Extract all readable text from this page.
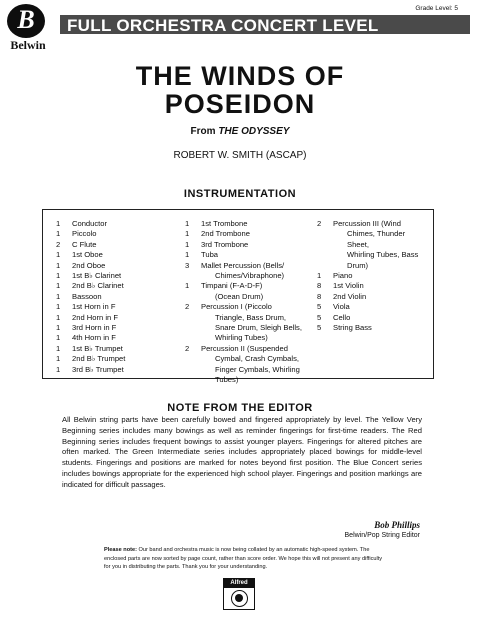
B
Belwin
FULL ORCHESTRA CONCERT LEVEL
Grade Level: 5
THE WINDS OF
POSEIDON
From THE ODYSSEY
ROBERT W. SMITH (ASCAP)
INSTRUMENTATION
1	Conductor
1	Piccolo
2	C Flute
1	1st Oboe
1	2nd Oboe
1	1st B♭ Clarinet
1	2nd B♭ Clarinet
1	Bassoon
1	1st Horn in F
1	2nd Horn in F
1	3rd Horn in F
1	4th Horn in F
1	1st B♭ Trumpet
1	2nd B♭ Trumpet
1	3rd B♭ Trumpet
1	1st Trombone
1	2nd Trombone
1	3rd Trombone
1	Tuba
3	Mallet Percussion (Bells/
Chimes/Vibraphone)
1	Timpani (F-A-D-F)
(Ocean Drum)
2	Percussion I (Piccolo
Triangle, Bass Drum,
Snare Drum, Sleigh Bells,
Whirling Tubes)
2	Percussion II (Suspended
Cymbal, Crash Cymbals,
Finger Cymbals, Whirling
Tubes)
2	Percussion III (Wind
Chimes, Thunder Sheet,
Whirling Tubes, Bass
Drum)
1	Piano
8	1st Violin
8	2nd Violin
5	Viola
5	Cello
5	String Bass
NOTE FROM THE EDITOR
All Belwin string parts have been carefully bowed and fingered appropriately by level. The Yellow Very Beginning series includes many bowings as well as reminder fingerings for first-time readers. The Red Beginning series includes frequent bowings to assist younger players. Fingerings for altered pitches are often marked. The Green Intermediate series includes appropriately placed bowings for middle-level students. Fingerings and positions are marked for notes beyond first position. The Blue Concert series includes bowings appropriate for the experienced high school player. Fingerings and position markings are indicated for difficult passages.
Bob Phillips
Belwin/Pop String Editor
Please note: Our band and orchestra music is now being collated by an automatic high-speed system. The enclosed parts are now sorted by page count, rather than score order. We hope this will not present any difficulty for you in distributing the parts. Thank you for your understanding.
Alfred
